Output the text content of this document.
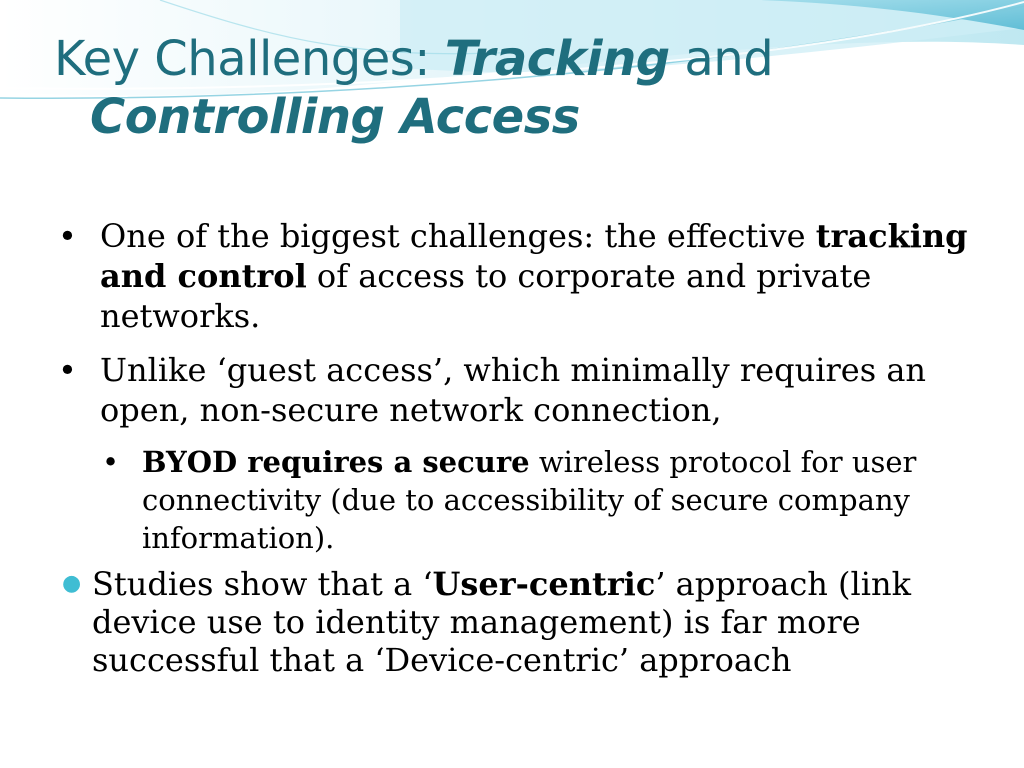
Key Challenges: Tracking and
Controlling Access

• One of the biggest challenges: the effective tracking and control of access to corporate and private networks.

• Unlike ‘guest access’, which minimally requires an open, non-secure network connection,

• BYOD requires a secure wireless protocol for user connectivity (due to accessibility of secure company information).

● Studies show that a ‘User-centric’ approach (link device use to identity management) is far more successful that a ‘Device-centric’ approach
